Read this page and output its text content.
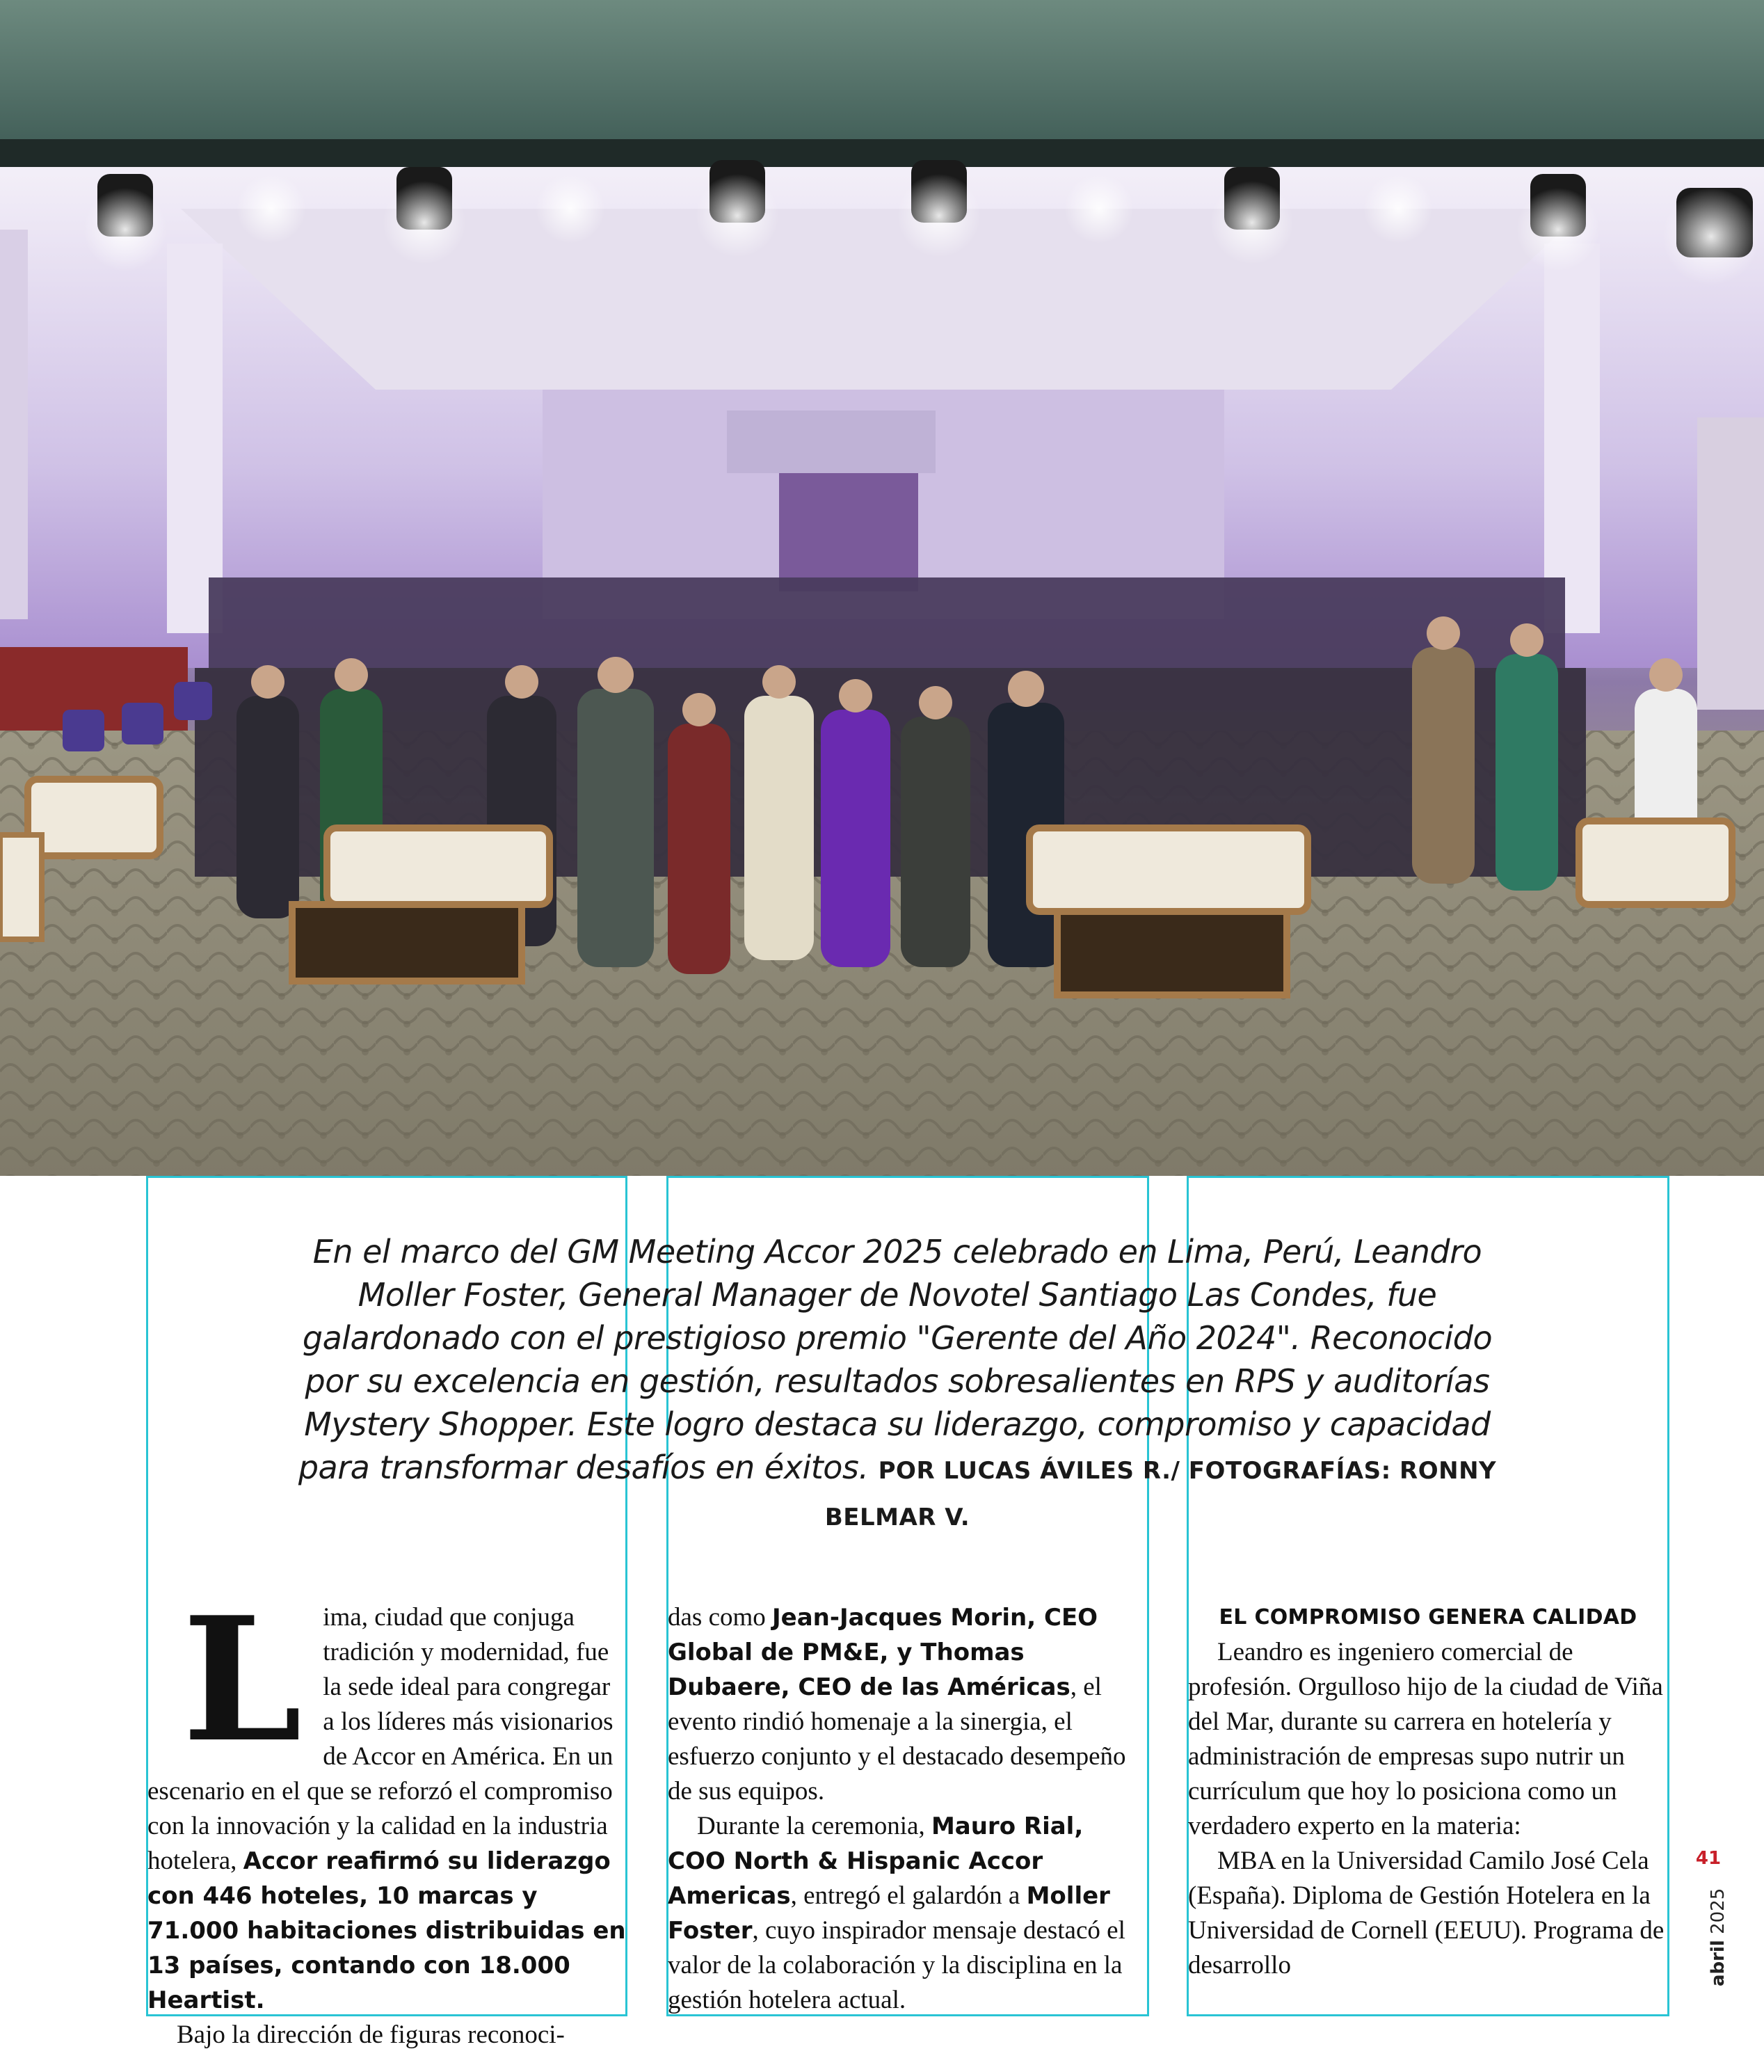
En el marco del GM Meeting Accor 2025 celebrado en Lima, Perú, Leandro Moller Foster, General Manager de Novotel Santiago Las Condes, fue galardonado con el prestigioso premio "Gerente del Año 2024". Reconocido por su excelencia en gestión, resultados sobresalientes en RPS y auditorías Mystery Shopper. Este logro destaca su liderazgo, compromiso y capacidad para transformar desafíos en éxitos. POR LUCAS ÁVILES R./ FOTOGRAFÍAS: RONNY BELMAR V.

L ima, ciudad que conjuga tradición y modernidad, fue la sede ideal para congregar a los líderes más visionarios de Accor en América. En un escenario en el que se reforzó el compromiso con la innovación y la calidad en la industria hotelera, Accor reafirmó su liderazgo con 446 hoteles, 10 marcas y 71.000 habitaciones distribuidas en 13 países, contando con 18.000 Heartist.

Bajo la dirección de figuras reconoci-

das como Jean-Jacques Morin, CEO Global de PM&E, y Thomas Dubaere, CEO de las Américas, el evento rindió homenaje a la sinergia, el esfuerzo conjunto y el destacado desempeño de sus equipos.

Durante la ceremonia, Mauro Rial, COO North & Hispanic Accor Americas, entregó el galardón a Moller Foster, cuyo inspirador mensaje destacó el valor de la colaboración y la disciplina en la gestión hotelera actual.

EL COMPROMISO GENERA CALIDAD

Leandro es ingeniero comercial de profesión. Orgulloso hijo de la ciudad de Viña del Mar, durante su carrera en hotelería y administración de empresas supo nutrir un currículum que hoy lo posiciona como un verdadero experto en la materia:

MBA en la Universidad Camilo José Cela (España). Diploma de Gestión Hotelera en la Universidad de Cornell (EEUU). Programa de desarrollo

41
abril 2025
